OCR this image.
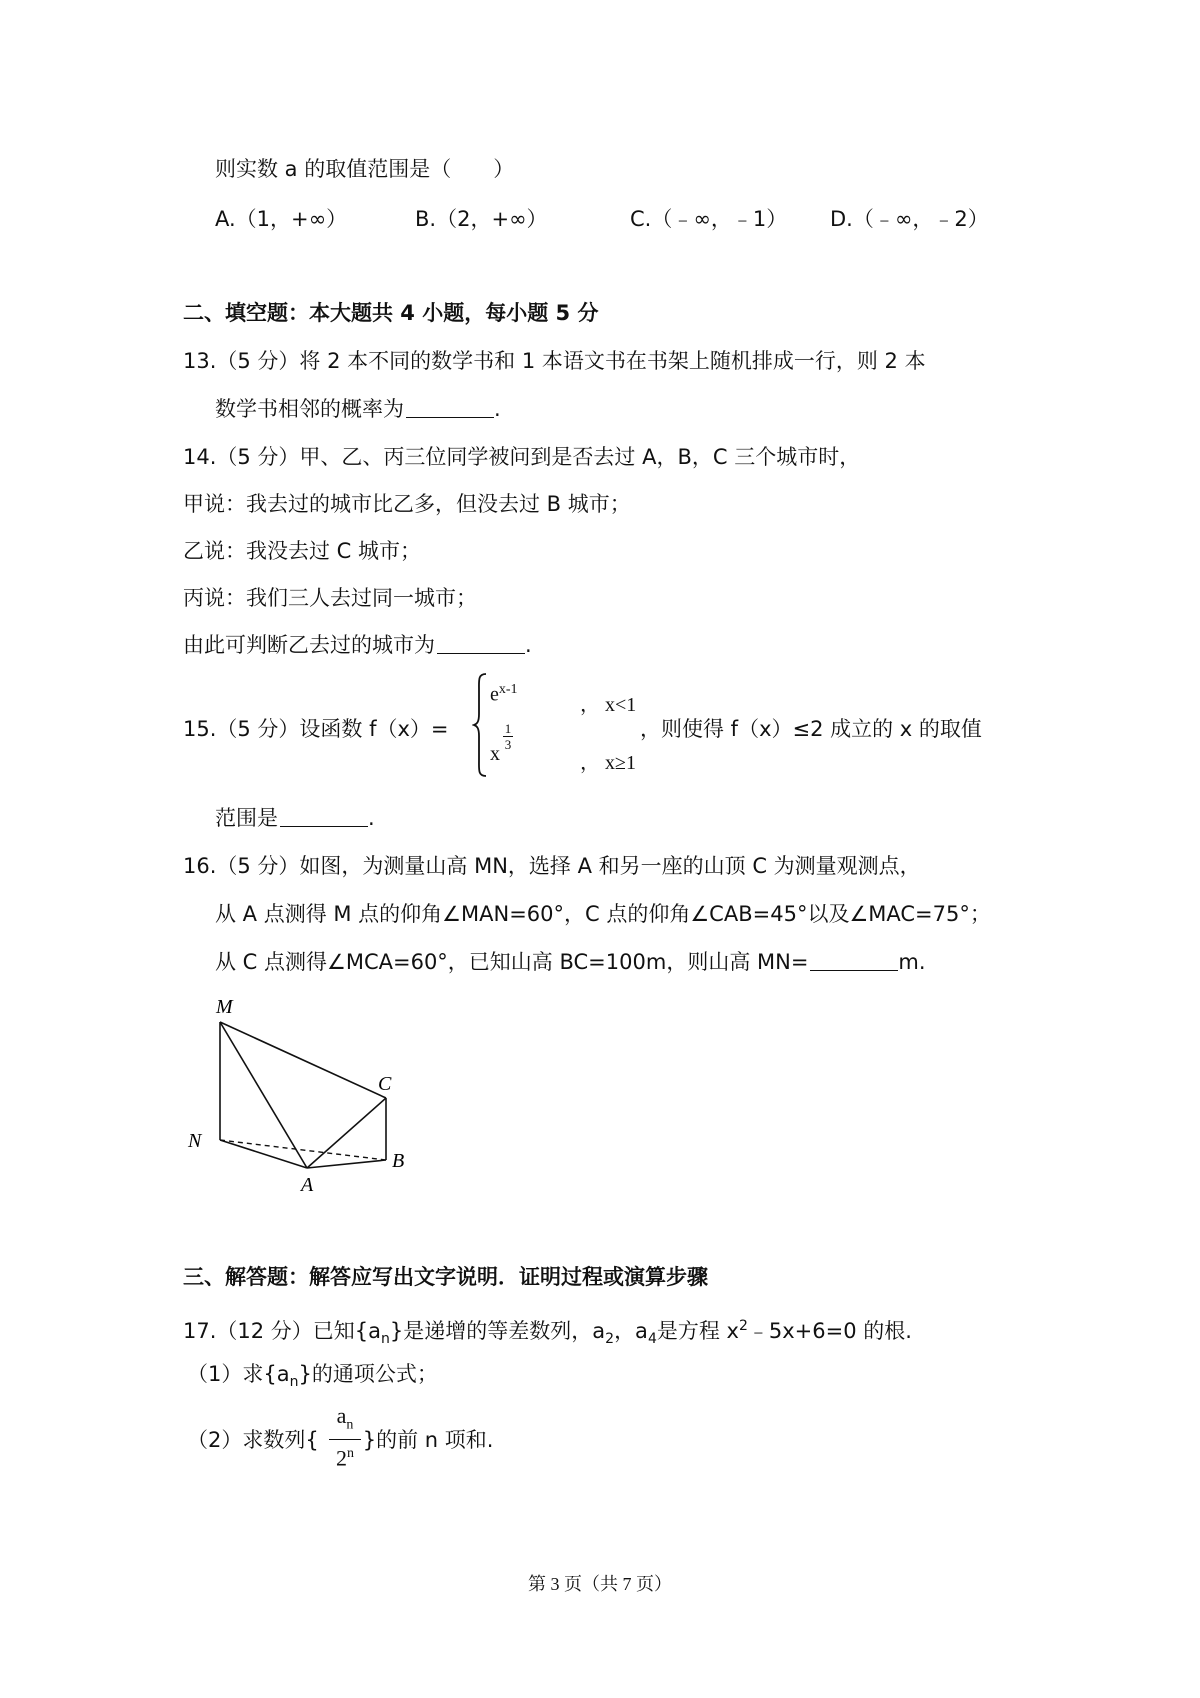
则实数 a 的取值范围是（　　）
A.（1，+∞）	B.（2，+∞）	C.（﹣∞，﹣1） D.（﹣∞，﹣2）
二、填空题：本大题共 4 小题，每小题 5 分
13.（5 分）将 2 本不同的数学书和 1 本语文书在书架上随机排成一行，则 2 本
数学书相邻的概率为	.
14.（5 分）甲、乙、丙三位同学被问到是否去过 A，B，C 三个城市时，
甲说：我去过的城市比乙多，但没去过 B 城市；
乙说：我没去过 C 城市；
丙说：我们三人去过同一城市；
由此可判断乙去过的城市为	.
15.（5 分）设函数 f（x）=
$e^{x-1}$
， x<1
x
1
3
， x≥1
，则使得 f（x）≤2 成立的 x 的取值
范围是	.
16.（5 分）如图，为测量山高 MN，选择 A 和另一座的山顶 C 为测量观测点，
从 A 点测得 M 点的仰角∠MAN=60°，C 点的仰角∠CAB=45°以及∠MAC=75°；
从 C 点测得∠MCA=60°，已知山高 BC=100m，则山高 MN=	m.
M
N
A
B
C
三、解答题：解答应写出文字说明．证明过程或演算步骤
17.（12 分）已知$\{a_n\}$是递增的等差数列，$a_2$，$a_4$是方程 $x^2﹣5x+6=0$ 的根.
（1）求$\{a_n\}$的通项公式；
（2）求数列{ }的前 n 项和.
$a_n$
2$^n$
第 3 页（共 7 页）
